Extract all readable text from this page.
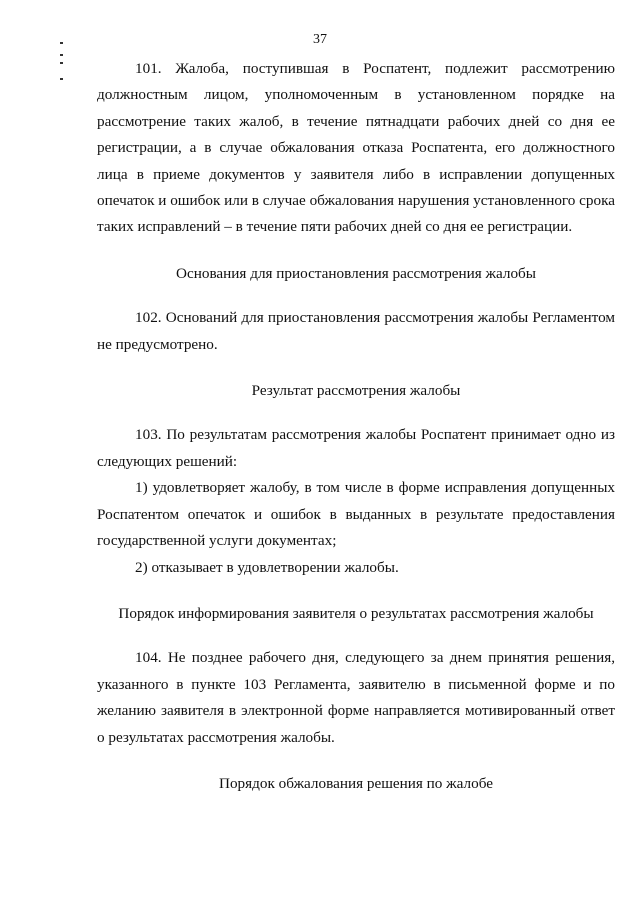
37

101. Жалоба, поступившая в Роспатент, подлежит рассмотрению должностным лицом, уполномоченным в установленном порядке на рассмотрение таких жалоб, в течение пятнадцати рабочих дней со дня ее регистрации, а в случае обжалования отказа Роспатента, его должностного лица в приеме документов у заявителя либо в исправлении допущенных опечаток и ошибок или в случае обжалования нарушения установленного срока таких исправлений – в течение пяти рабочих дней со дня ее регистрации.

Основания для приостановления рассмотрения жалобы

102. Оснований для приостановления рассмотрения жалобы Регламентом не предусмотрено.

Результат рассмотрения жалобы

103. По результатам рассмотрения жалобы Роспатент принимает одно из следующих решений:

1) удовлетворяет жалобу, в том числе в форме исправления допущенных Роспатентом опечаток и ошибок в выданных в результате предоставления государственной услуги документах;

2) отказывает в удовлетворении жалобы.

Порядок информирования заявителя о результатах рассмотрения жалобы

104. Не позднее рабочего дня, следующего за днем принятия решения, указанного в пункте 103 Регламента, заявителю в письменной форме и по желанию заявителя в электронной форме направляется мотивированный ответ о результатах рассмотрения жалобы.

Порядок обжалования решения по жалобе
